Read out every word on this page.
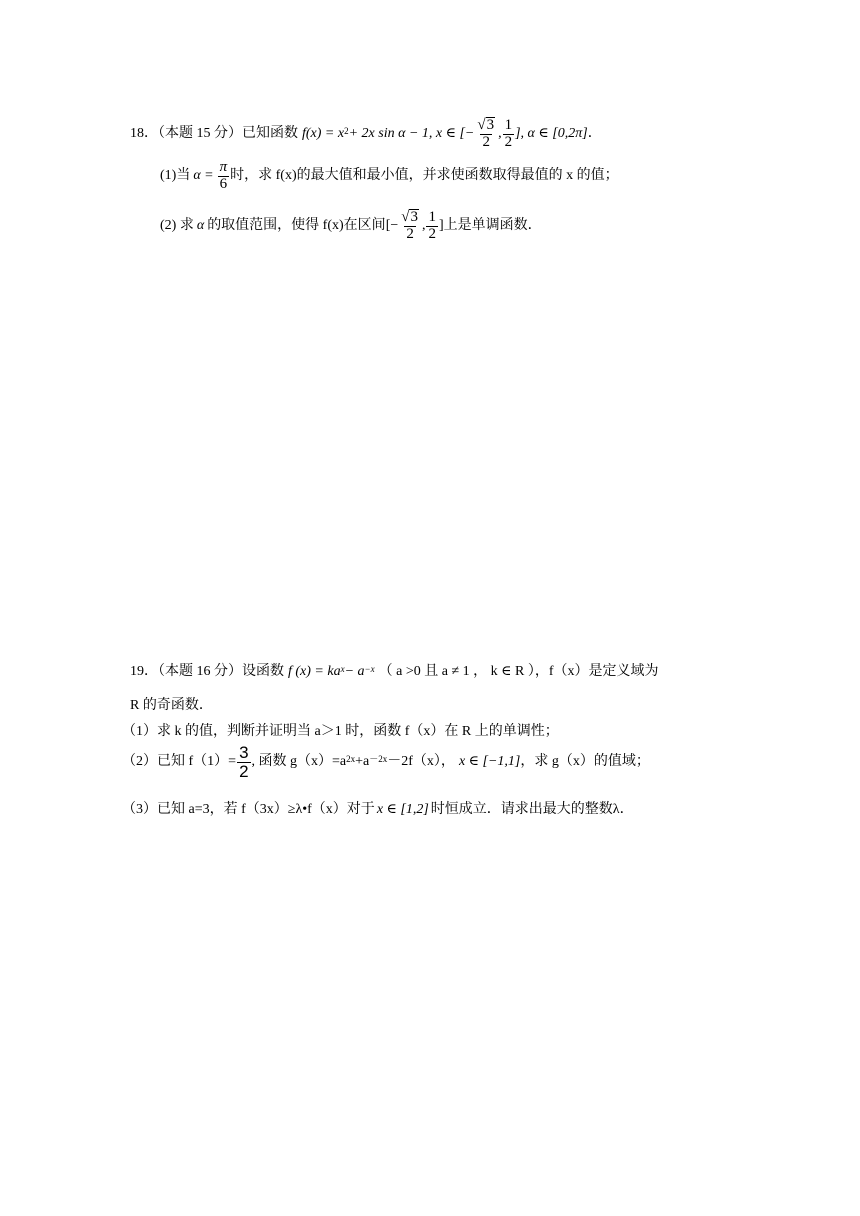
18．（本题 15 分）已知函数 f $(x) = x^2 + 2x$ sin α − 1, x ∈ [− $\frac{√ 3}{2}$ , $\frac{1}{2}$ ], α ∈ [0,2π] ．
(1)当 $\alpha = \frac{\pi}{6}$ 时，求 f(x)的最大值和最小值，并求使函数取得最值的 x 的值；
(2) 求 α 的取值范围，使得 f(x)在区间 [− $\frac{√ 3}{2}$ , $\frac{1}{2}$ ] 上是单调函数．
19．（本题 16 分）设函数 f $(x) = ka^x - a^{-x}$ （ a >0 且 a ≠ 1 ， k ∈ R ），f（x）是定义域为
R 的奇函数．
（1）求 k 的值，判断并证明当 a＞1 时，函数 f（x）在 R 上的单调性；
（2）已知 $f(1)= \frac{3}{2}$ , 函数 $g(x)=a^{2x} +a^{-2x} -2f(x)$， x ∈ [−1,1] ，求 g（x）的值域；
（3）已知 a=3，若 f（3x）≥λ•f（x）对于 x ∈ [1,2] 时恒成立．请求出最大的整数λ．
